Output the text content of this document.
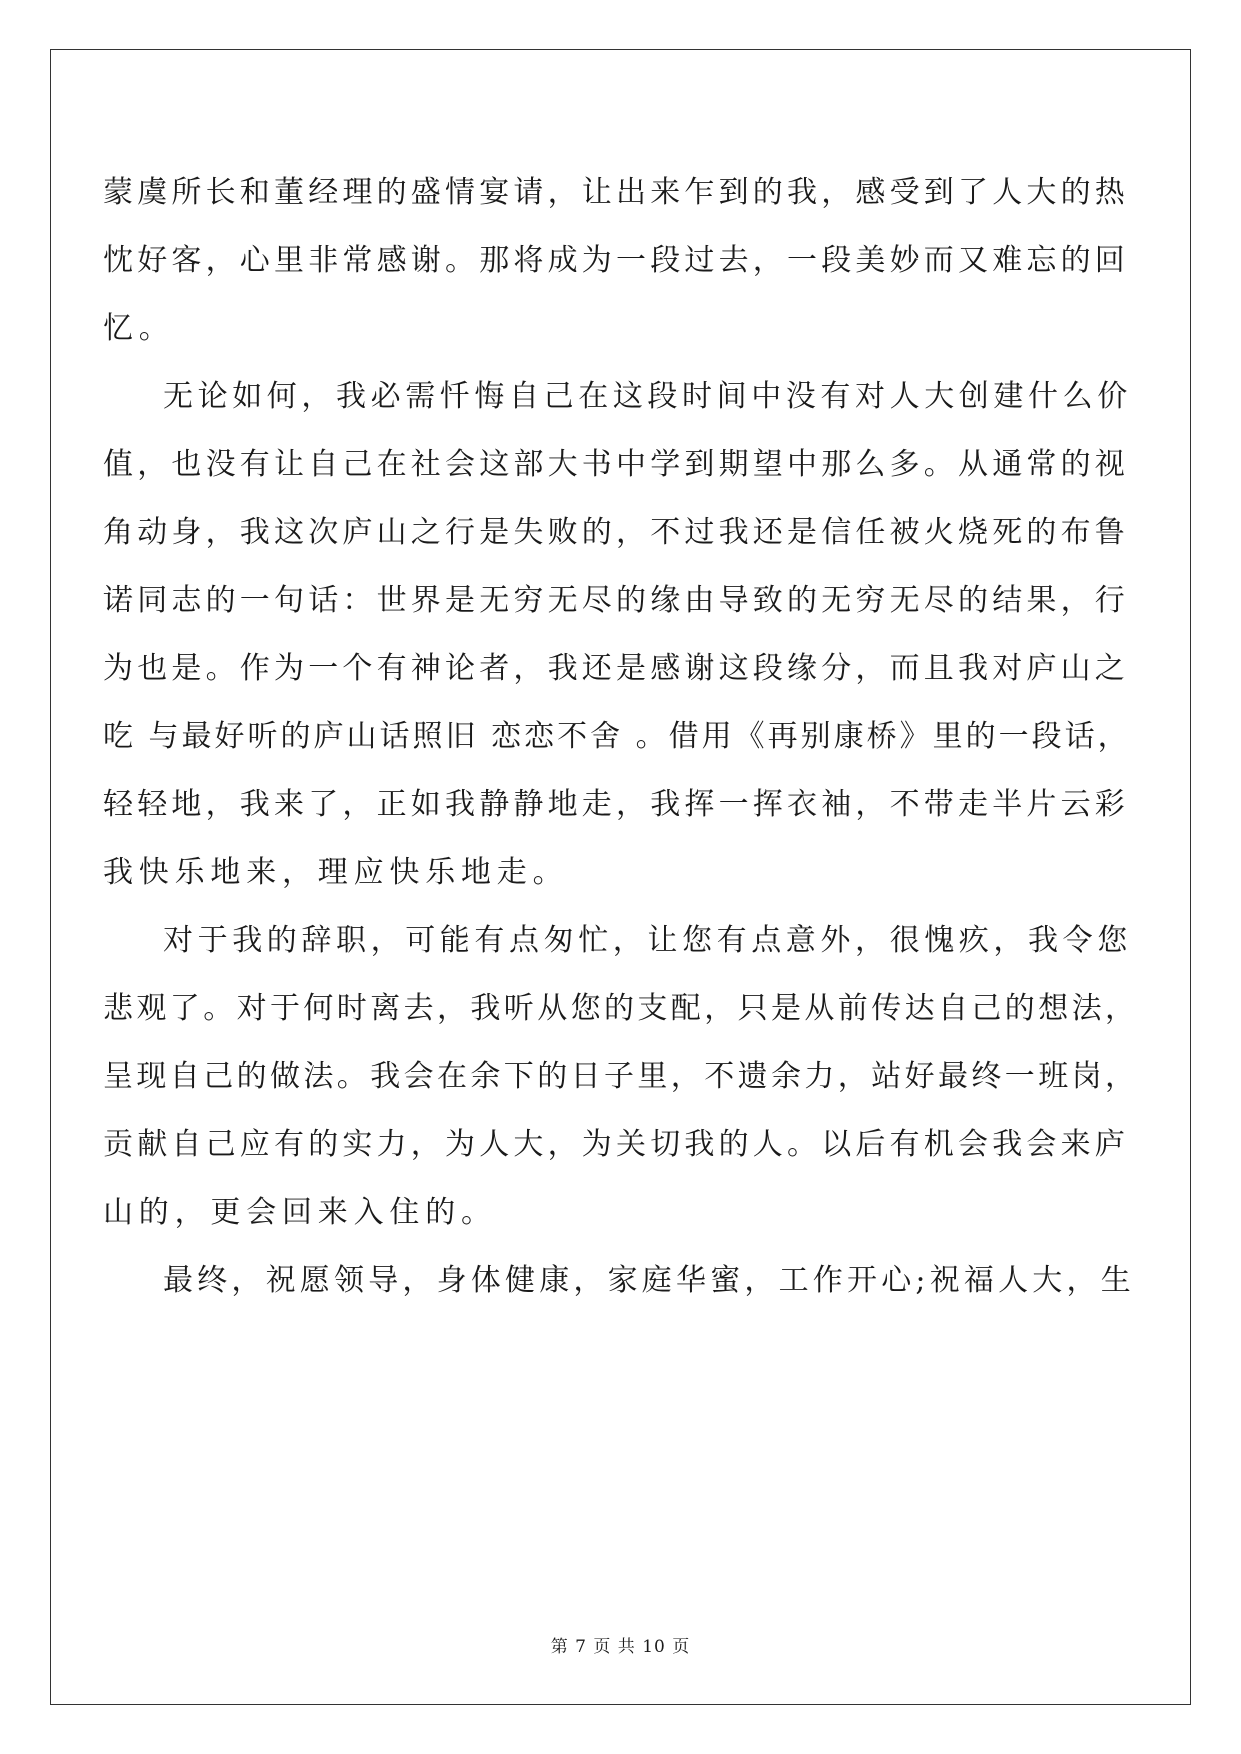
蒙虞所长和董经理的盛情宴请，让出来乍到的我，感受到了人大的热
忱好客，心里非常感谢。那将成为一段过去，一段美妙而又难忘的回
忆。
无论如何，我必需忏悔自己在这段时间中没有对人大创建什么价
值，也没有让自己在社会这部大书中学到期望中那么多。从通常的视
角动身，我这次庐山之行是失败的，不过我还是信任被火烧死的布鲁
诺同志的一句话：世界是无穷无尽的缘由导致的无穷无尽的结果，行
为也是。作为一个有神论者，我还是感谢这段缘分，而且我对庐山之
吃 与最好听的庐山话照旧 恋恋不舍 。借用《再别康桥》里的一段话，
轻轻地，我来了，正如我静静地走，我挥一挥衣袖，不带走半片云彩
我快乐地来，理应快乐地走。
对于我的辞职，可能有点匆忙，让您有点意外，很愧疚，我令您
悲观了。对于何时离去，我听从您的支配，只是从前传达自己的想法，
呈现自己的做法。我会在余下的日子里，不遗余力，站好最终一班岗，
贡献自己应有的实力，为人大，为关切我的人。以后有机会我会来庐
山的，更会回来入住的。
最终，祝愿领导，身体健康，家庭华蜜，工作开心;祝福人大，生
第 7 页 共 10 页
